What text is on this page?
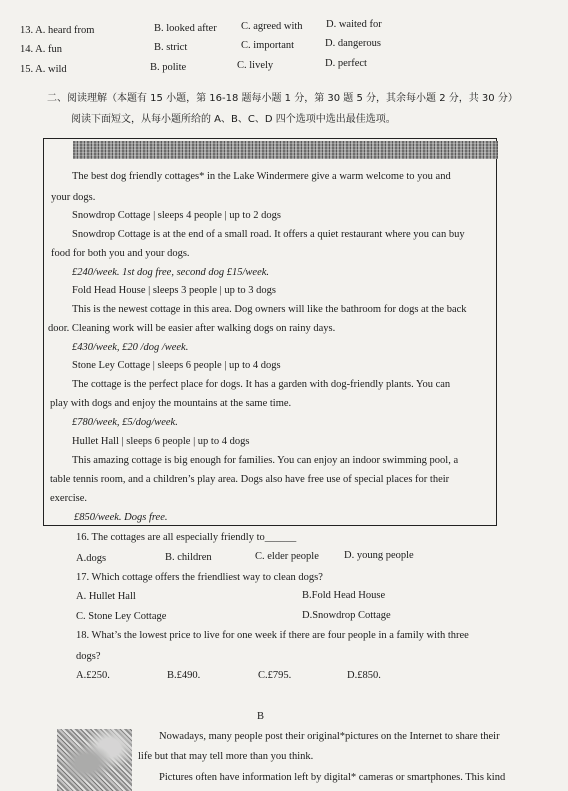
13. A. heard from	B. looked after C. agreed with D. waited for
14. A. fun	B. strict	C. important	D. dangerous
15. A. wild	B. polite	C. lively	D. perfect
二、阅读理解（本题有 15 小题，第 16-18 题每小题 1 分，第 30 题 5 分，其余每小题 2 分，共 30 分）
阅读下面短文，从每小题所给的 A、B、C、D 四个选项中选出最佳选项。
The best dog friendly cottages* in the Lake Windermere give a warm welcome to you and
your dogs.
Snowdrop Cottage | sleeps 4 people | up to 2 dogs
Snowdrop Cottage is at the end of a small road. It offers a quiet restaurant where you can buy
food for both you and your dogs.
£240/week. 1st dog free, second dog £15/week.
Fold Head House | sleeps 3 people | up to 3 dogs
This is the newest cottage in this area. Dog owners will like the bathroom for dogs at the back
door. Cleaning work will be easier after walking dogs on rainy days.
£430/week, £20 /dog /week.
Stone Ley Cottage | sleeps 6 people | up to 4 dogs
The cottage is the perfect place for dogs. It has a garden with dog-friendly plants. You can
play with dogs and enjoy the mountains at the same time.
£780/week, £5/dog/week.
Hullet Hall | sleeps 6 people | up to 4 dogs
This amazing cottage is big enough for families. You can enjoy an indoor swimming pool, a
table tennis room, and a children’s play area. Dogs also have free use of special places for their
exercise.
£850/week. Dogs free.
16. The cottages are all especially friendly to______
A.dogs	B. children	C. elder people D. young people
17. Which cottage offers the friendliest way to clean dogs?
A. Hullet Hall	B.Fold Head House
C. Stone Ley Cottage	D.Snowdrop Cottage
18. What’s the lowest price to live for one week if there are four people in a family with three
dogs?
A.£250.	B.£490.	C.£795.	D.£850.
B
Nowadays, many people post their original*pictures on the Internet to share their
life but that may tell more than you think.
Pictures often have information left by digital* cameras or smartphones. This kind
